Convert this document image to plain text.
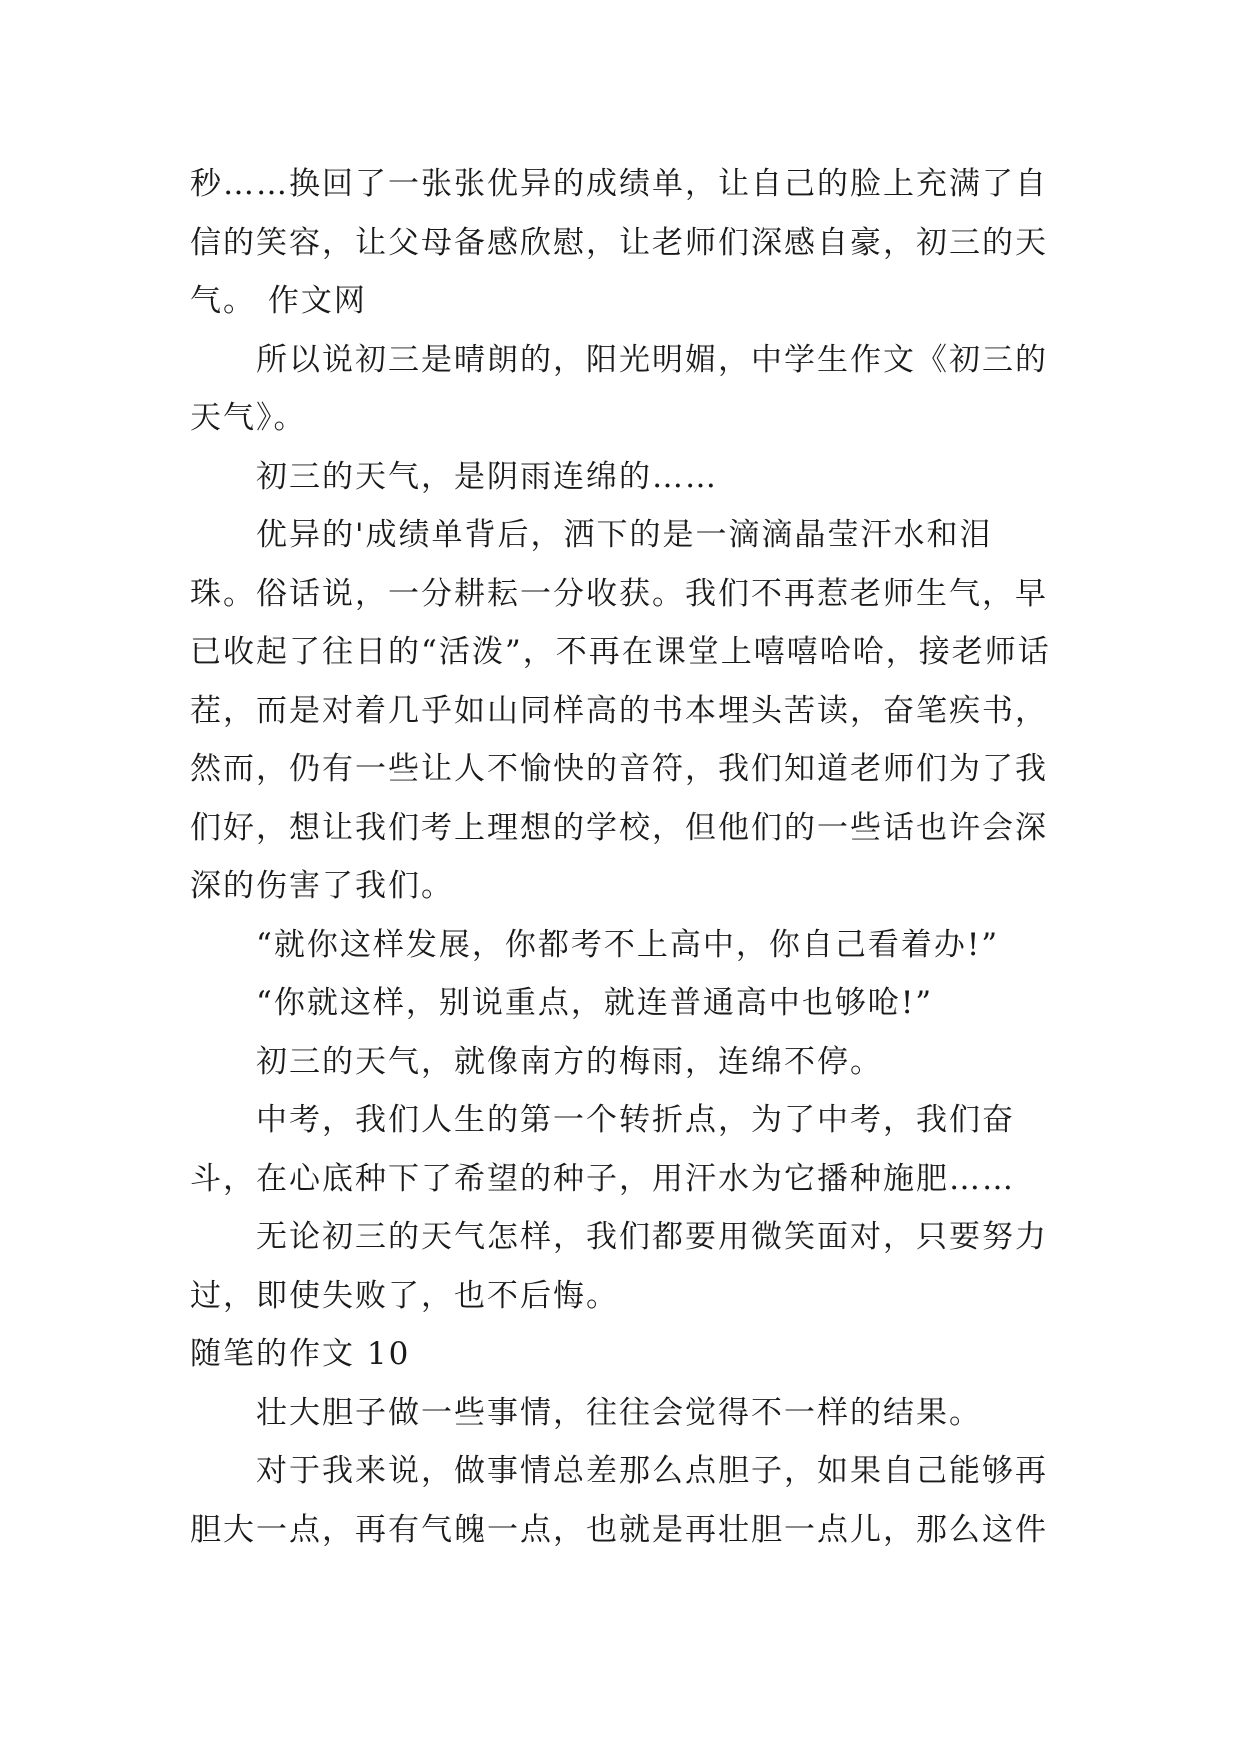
秒……换回了一张张优异的成绩单，让自己的脸上充满了自信的笑容，让父母备感欣慰，让老师们深感自豪，初三的天气。 作文网

所以说初三是晴朗的，阳光明媚，中学生作文《初三的天气》。

初三的天气，是阴雨连绵的……

优异的'成绩单背后，洒下的是一滴滴晶莹汗水和泪珠。俗话说，一分耕耘一分收获。我们不再惹老师生气，早已收起了往日的“活泼”，不再在课堂上嘻嘻哈哈，接老师话茬，而是对着几乎如山同样高的书本埋头苦读，奋笔疾书，然而，仍有一些让人不愉快的音符，我们知道老师们为了我们好，想让我们考上理想的学校，但他们的一些话也许会深深的伤害了我们。

“就你这样发展，你都考不上高中，你自己看着办!”

“你就这样，别说重点，就连普通高中也够呛!”

初三的天气，就像南方的梅雨，连绵不停。

中考，我们人生的第一个转折点，为了中考，我们奋斗，在心底种下了希望的种子，用汗水为它播种施肥……

无论初三的天气怎样，我们都要用微笑面对，只要努力过，即使失败了，也不后悔。

随笔的作文 10

壮大胆子做一些事情，往往会觉得不一样的结果。

对于我来说，做事情总差那么点胆子，如果自己能够再胆大一点，再有气魄一点，也就是再壮胆一点儿，那么这件
